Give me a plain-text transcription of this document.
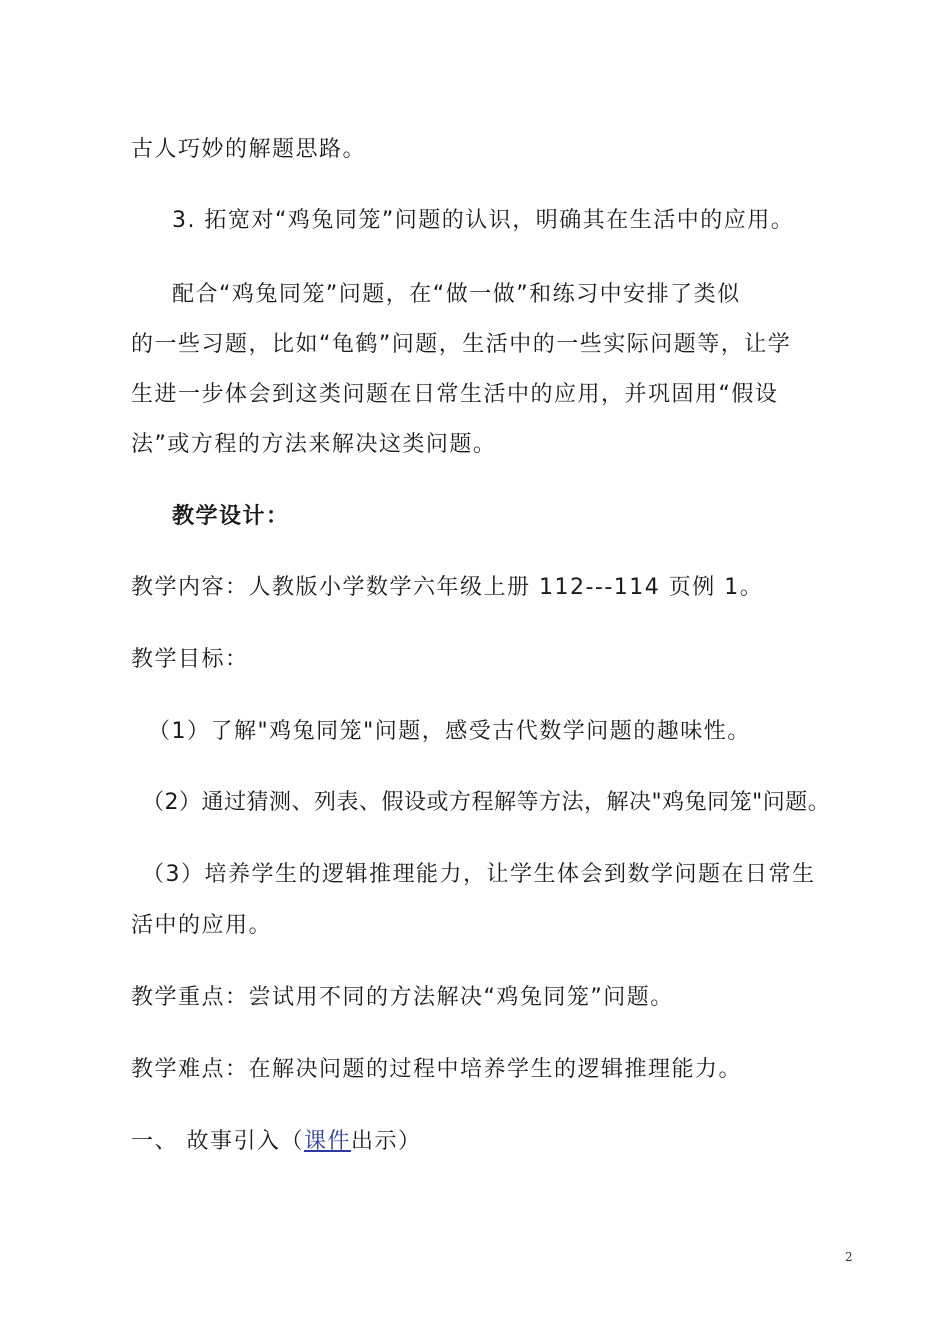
古人巧妙的解题思路。
3. 拓宽对“鸡兔同笼”问题的认识，明确其在生活中的应用。
配合“鸡兔同笼”问题，在“做一做”和练习中安排了类似
的一些习题，比如“龟鹤”问题，生活中的一些实际问题等，让学
生进一步体会到这类问题在日常生活中的应用，并巩固用“假设
法”或方程的方法来解决这类问题。
教学设计：
教学内容：人教版小学数学六年级上册 112---114 页例 1。
教学目标：
（1）了解"鸡兔同笼"问题，感受古代数学问题的趣味性。
（2）通过猜测、列表、假设或方程解等方法，解决"鸡兔同笼"问题。
（3）培养学生的逻辑推理能力，让学生体会到数学问题在日常生
活中的应用。
教学重点：尝试用不同的方法解决“鸡兔同笼”问题。
教学难点：在解决问题的过程中培养学生的逻辑推理能力。
一、 故事引入（课件出示）
2
